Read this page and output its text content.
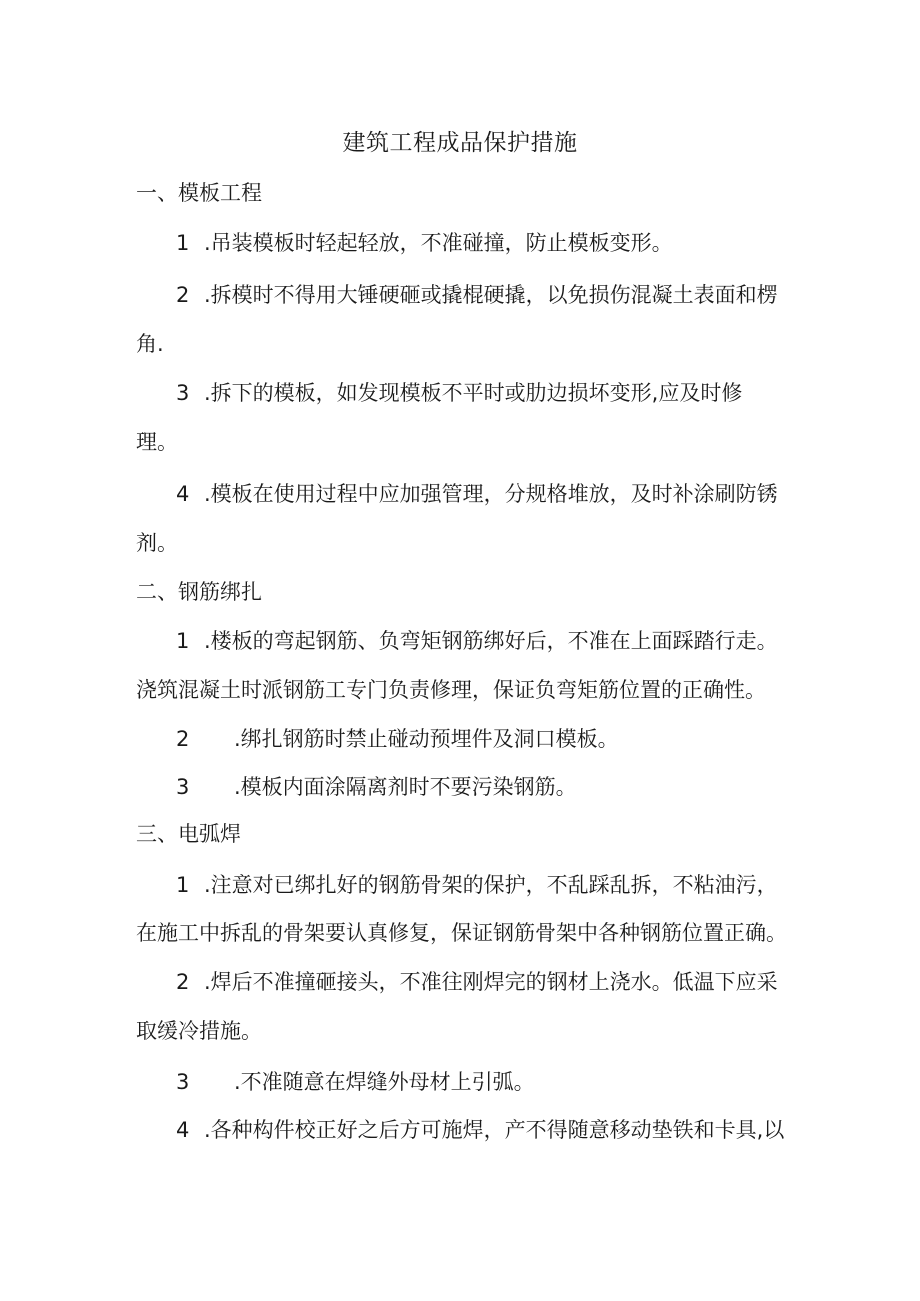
建筑工程成品保护措施
一、模板工程
1 .吊装模板时轻起轻放，不准碰撞，防止模板变形。
2 .拆模时不得用大锤硬砸或撬棍硬撬，以免损伤混凝土表面和楞
角.
3 .拆下的模板，如发现模板不平时或肋边损坏变形,应及时修
理。
4 .模板在使用过程中应加强管理，分规格堆放，及时补涂刷防锈
剂。
二、钢筋绑扎
1 .楼板的弯起钢筋、负弯矩钢筋绑好后，不准在上面踩踏行走。
浇筑混凝土时派钢筋工专门负责修理，保证负弯矩筋位置的正确性。
2 .绑扎钢筋时禁止碰动预埋件及洞口模板。
3 .模板内面涂隔离剂时不要污染钢筋。
三、电弧焊
1 .注意对已绑扎好的钢筋骨架的保护，不乱踩乱拆，不粘油污，
在施工中拆乱的骨架要认真修复，保证钢筋骨架中各种钢筋位置正确。
2 .焊后不准撞砸接头，不准往刚焊完的钢材上浇水。低温下应采
取缓冷措施。
3 .不准随意在焊缝外母材上引弧。
4 .各种构件校正好之后方可施焊，产不得随意移动垫铁和卡具,以
